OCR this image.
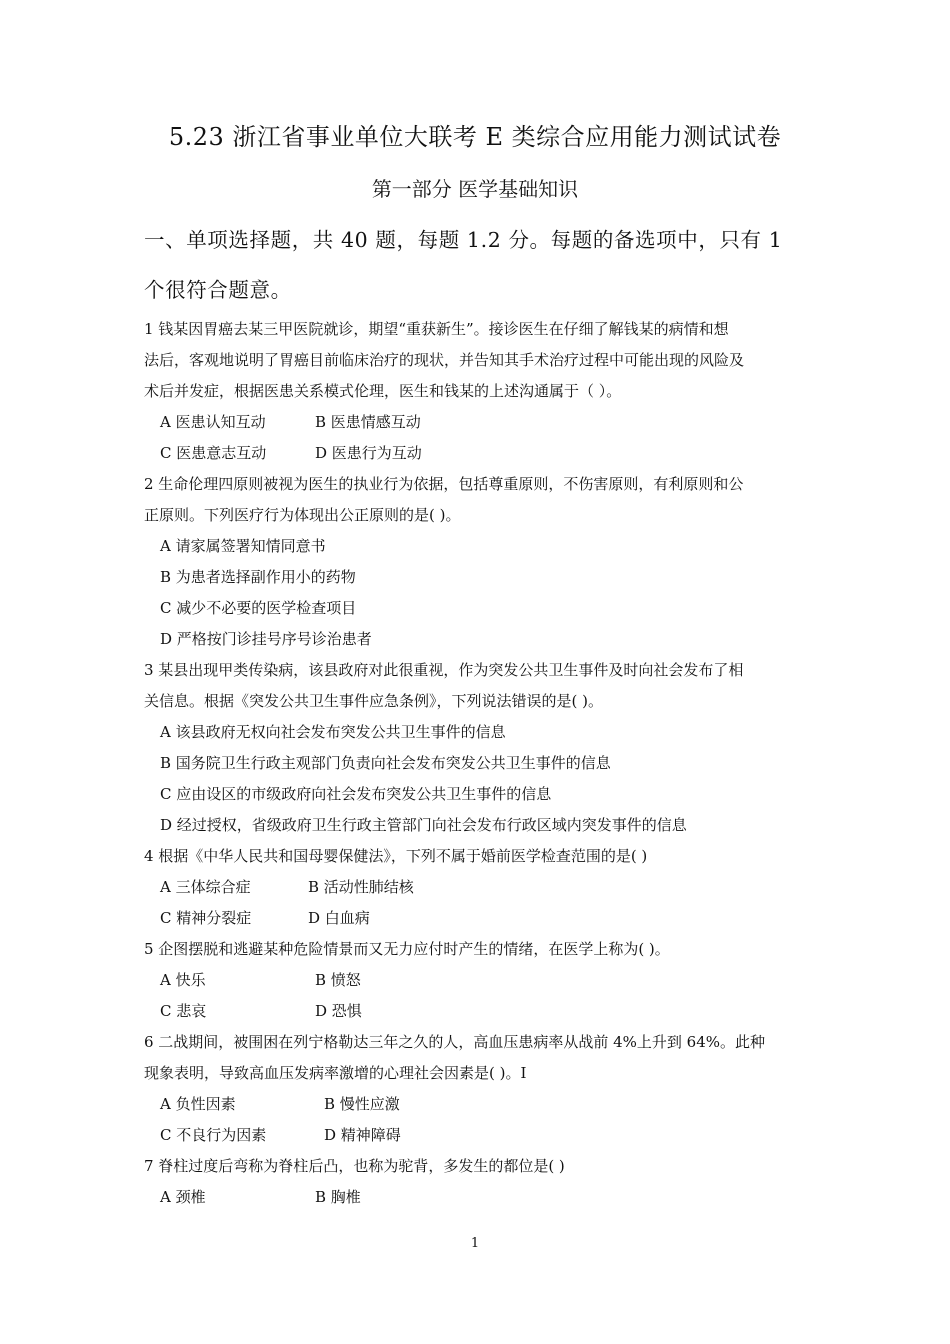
5.23 浙江省事业单位大联考 E 类综合应用能力测试试卷
第一部分 医学基础知识
一、单项选择题，共 40 题，每题 1.2 分。每题的备选项中，只有 1
个很符合题意。
1 钱某因胃癌去某三甲医院就诊，期望“重获新生”。接诊医生在仔细了解钱某的病情和想
法后，客观地说明了胃癌目前临床治疗的现状，并告知其手术治疗过程中可能出现的风险及
术后并发症，根据医患关系模式伦理，医生和钱某的上述沟通属于（ ）。
A 医患认知互动	B 医患情感互动
C 医患意志互动	D 医患行为互动
2 生命伦理四原则被视为医生的执业行为依据，包括尊重原则，不伤害原则，有利原则和公
正原则。下列医疗行为体现出公正原则的是( )。
A 请家属签署知情同意书
B 为患者选择副作用小的药物
C 减少不必要的医学检查项目
D 严格按门诊挂号序号诊治患者
3 某县出现甲类传染病，该县政府对此很重视，作为突发公共卫生事件及时向社会发布了相
关信息。根据《突发公共卫生事件应急条例》，下列说法错误的是( )。
A 该县政府无权向社会发布突发公共卫生事件的信息
B 国务院卫生行政主观部门负责向社会发布突发公共卫生事件的信息
C 应由设区的市级政府向社会发布突发公共卫生事件的信息
D 经过授权，省级政府卫生行政主管部门向社会发布行政区域内突发事件的信息
4 根据《中华人民共和国母婴保健法》，下列不属于婚前医学检查范围的是( )
A 三体综合症	B 活动性肺结核
C 精神分裂症	D 白血病
5 企图摆脱和逃避某种危险情景而又无力应付时产生的情绪，在医学上称为( )。
A 快乐	B 愤怒
C 悲哀	D 恐惧
6 二战期间，被围困在列宁格勒达三年之久的人，高血压患病率从战前 4%上升到 64%。此种
现象表明，导致高血压发病率激增的心理社会因素是( )。I
A 负性因素	B 慢性应激
C 不良行为因素	D 精神障碍
7 脊柱过度后弯称为脊柱后凸，也称为驼背，多发生的都位是( )
A 颈椎	B 胸椎
1
